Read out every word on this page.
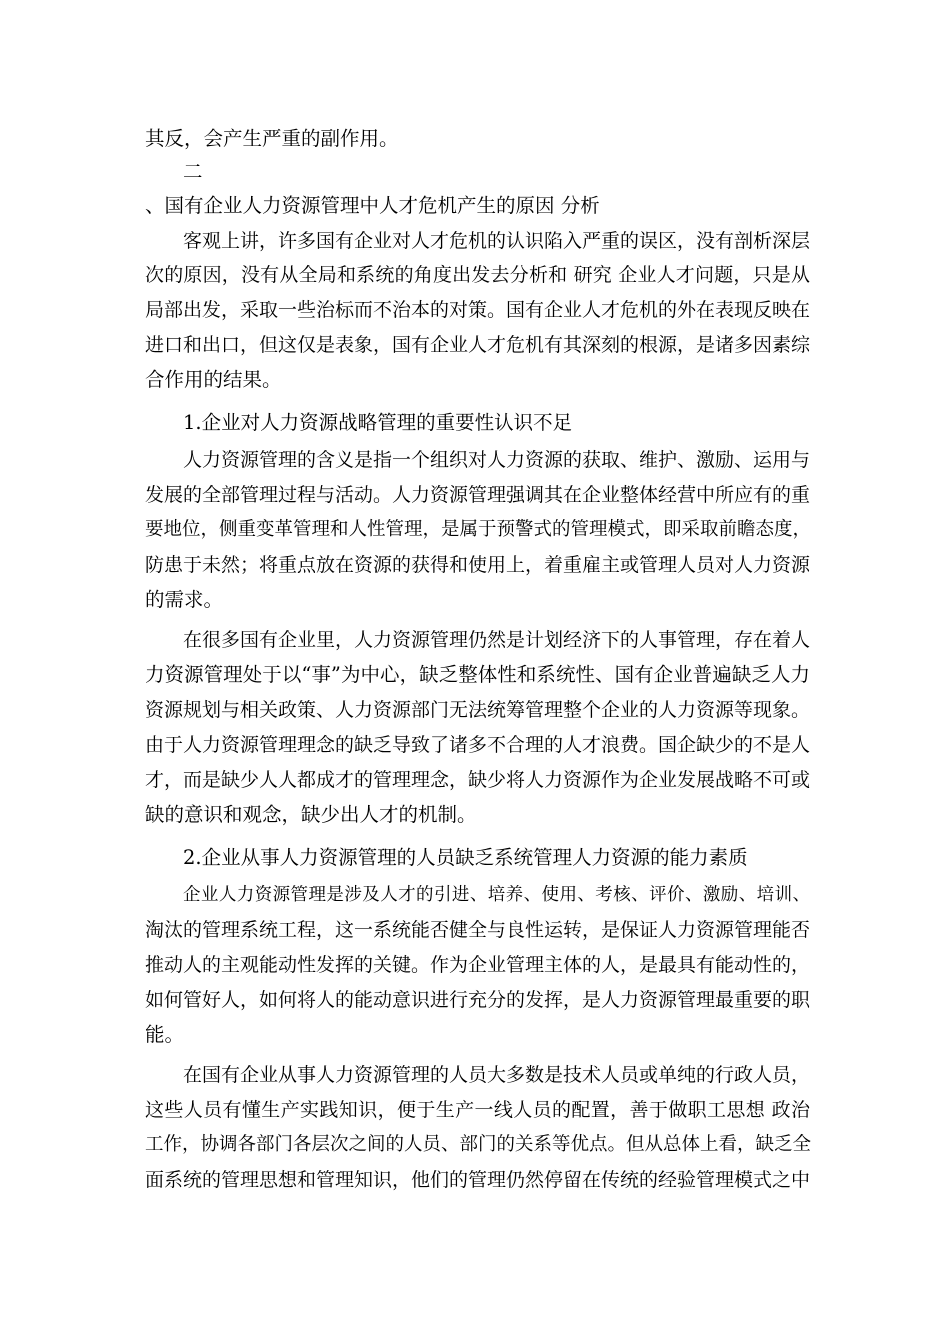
其反，会产生严重的副作用。
二
、国有企业人力资源管理中人才危机产生的原因 分析
客观上讲，许多国有企业对人才危机的认识陷入严重的误区，没有剖析深层
次的原因，没有从全局和系统的角度出发去分析和 研究 企业人才问题，只是从
局部出发，采取一些治标而不治本的对策。国有企业人才危机的外在表现反映在
进口和出口，但这仅是表象，国有企业人才危机有其深刻的根源，是诸多因素综
合作用的结果。
1.企业对人力资源战略管理的重要性认识不足
人力资源管理的含义是指一个组织对人力资源的获取、维护、激励、运用与
发展的全部管理过程与活动。人力资源管理强调其在企业整体经营中所应有的重
要地位，侧重变革管理和人性管理，是属于预警式的管理模式，即采取前瞻态度，
防患于未然；将重点放在资源的获得和使用上，着重雇主或管理人员对人力资源
的需求。
在很多国有企业里，人力资源管理仍然是计划经济下的人事管理，存在着人
力资源管理处于以“事”为中心，缺乏整体性和系统性、国有企业普遍缺乏人力
资源规划与相关政策、人力资源部门无法统筹管理整个企业的人力资源等现象。
由于人力资源管理理念的缺乏导致了诸多不合理的人才浪费。国企缺少的不是人
才，而是缺少人人都成才的管理理念，缺少将人力资源作为企业发展战略不可或
缺的意识和观念，缺少出人才的机制。
2.企业从事人力资源管理的人员缺乏系统管理人力资源的能力素质
企业人力资源管理是涉及人才的引进、培养、使用、考核、评价、激励、培训、
淘汰的管理系统工程，这一系统能否健全与良性运转，是保证人力资源管理能否
推动人的主观能动性发挥的关键。作为企业管理主体的人，是最具有能动性的，
如何管好人，如何将人的能动意识进行充分的发挥，是人力资源管理最重要的职
能。
在国有企业从事人力资源管理的人员大多数是技术人员或单纯的行政人员，
这些人员有懂生产实践知识，便于生产一线人员的配置，善于做职工思想 政治
工作，协调各部门各层次之间的人员、部门的关系等优点。但从总体上看，缺乏全
面系统的管理思想和管理知识，他们的管理仍然停留在传统的经验管理模式之中
